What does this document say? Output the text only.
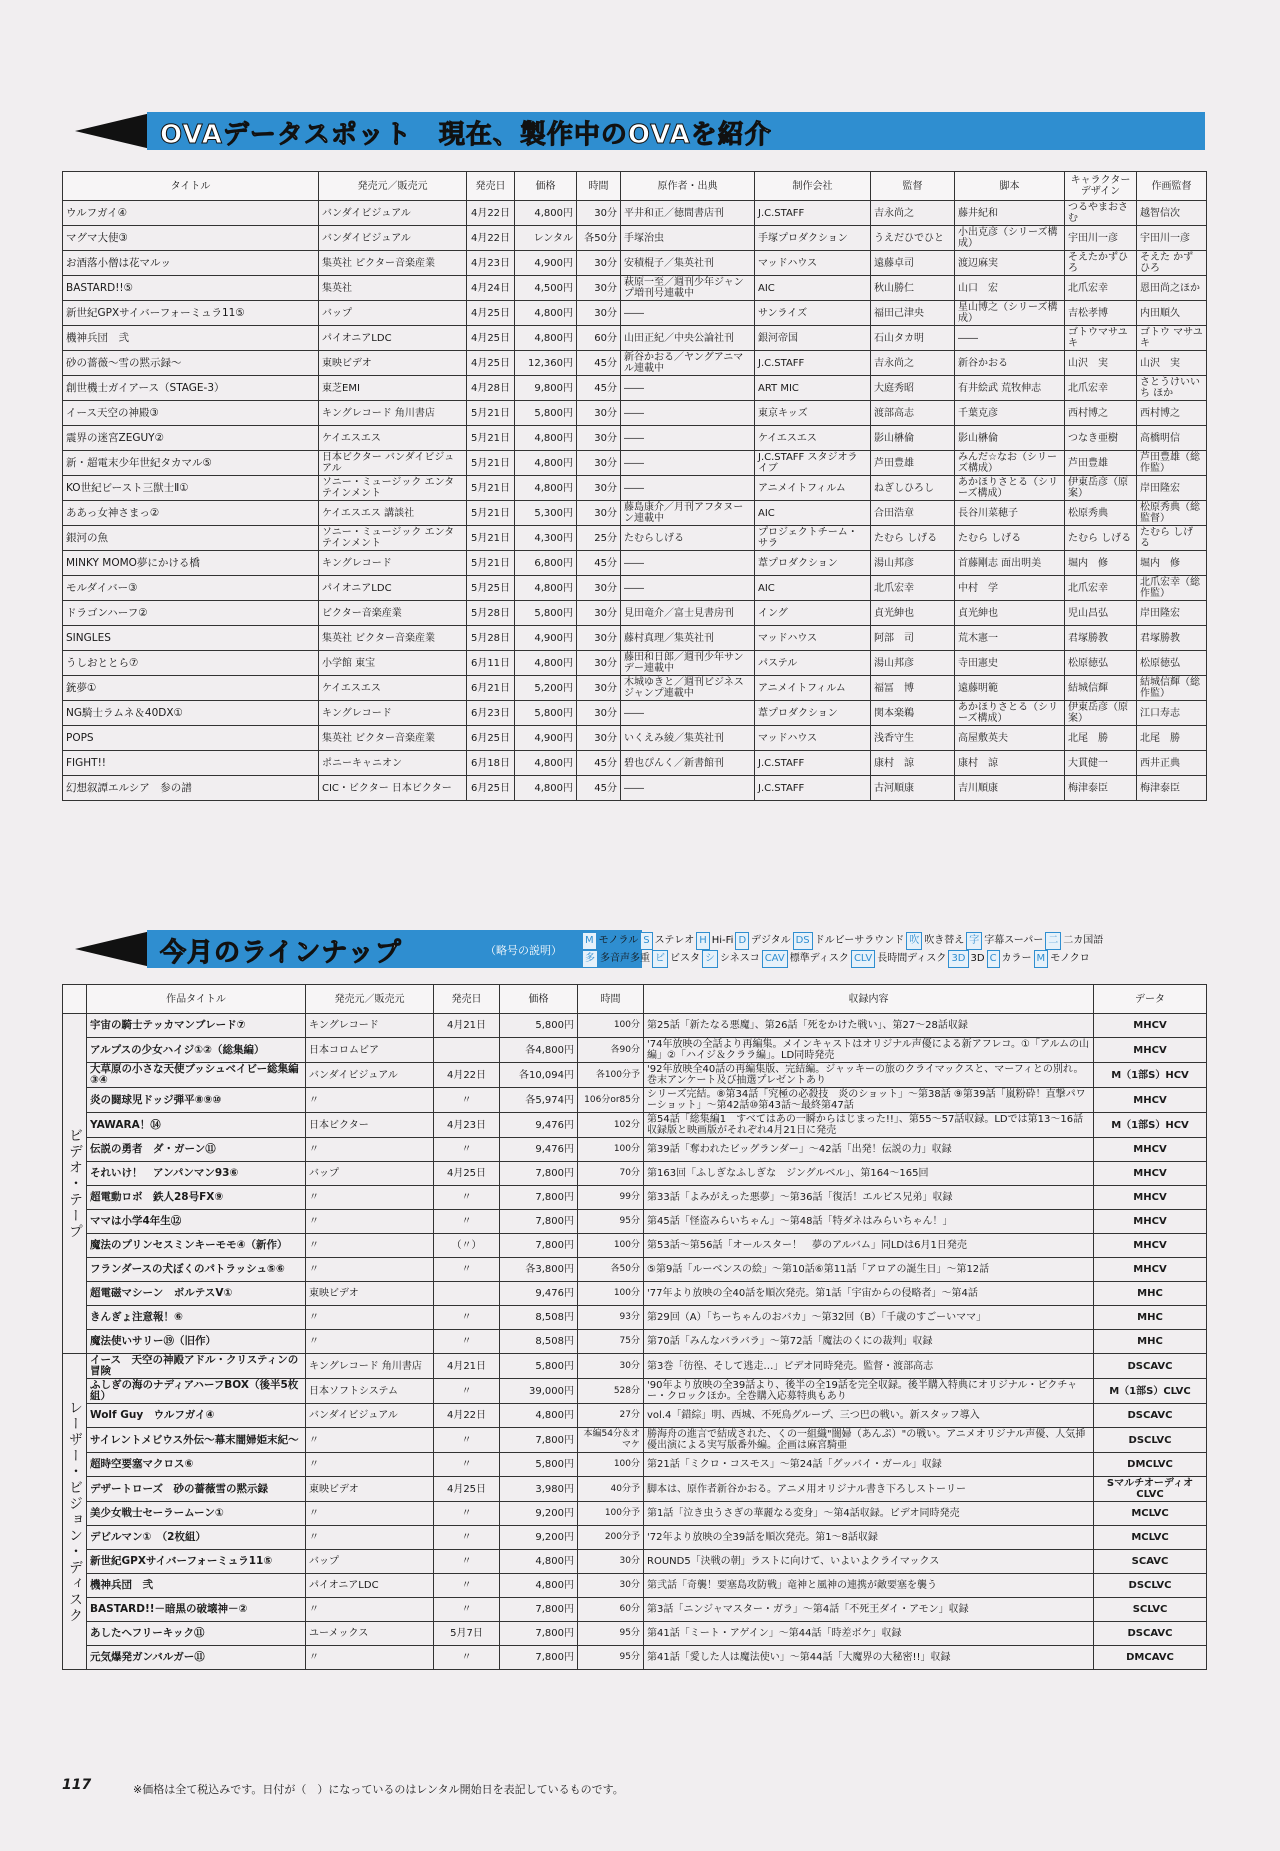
OVAデータスポット　現在、製作中のOVAを紹介
タイトル	発売元／販売元	発売日	価格	時間	原作者・出典	制作会社	監督	脚本	キャラクターデザイン	作画監督
ウルフガイ④	バンダイビジュアル	4月22日	4,800円	30分	平井和正／徳間書店刊	J.C.STAFF	吉永尚之	藤井紀和	つるやまおさむ	越智信次
マグマ大使③	バンダイビジュアル	4月22日	レンタル	各50分	手塚治虫	手塚プロダクション	うえだひでひと	小出克彦（シリーズ構成）	宇田川一彦	宇田川一彦
お酒落小僧は花マルッ	集英社 ピクター音楽産業	4月23日	4,900円	30分	安積棍子／集英社刊	マッドハウス	遠藤卓司	渡辺麻実	そえたかずひろ	そえた かずひろ
BASTARD!!⑤	集英社	4月24日	4,500円	30分	萩原一至／週刊少年ジャンプ増刊号連載中	AIC	秋山勝仁	山口　宏	北爪宏幸	恩田尚之ほか
新世紀GPXサイバーフォーミュラ11⑤	バップ	4月25日	4,800円	30分	――	サンライズ	福田己津央	星山博之（シリーズ構成）	吉松孝博	内田順久
機神兵団　弐	パイオニアLDC	4月25日	4,800円	60分	山田正紀／中央公論社刊	銀河帝国	石山タカ明	――	ゴトウマサユキ	ゴトウ マサユキ
砂の薔薇～雪の黙示録～	東映ビデオ	4月25日	12,360円	45分	新谷かおる／ヤングアニマル連載中	J.C.STAFF	吉永尚之	新谷かおる	山沢　実	山沢　実
創世機士ガイアース（STAGE-3）	東芝EMI	4月28日	9,800円	45分	――	ART MIC	大庭秀昭	有井絵武 荒牧伸志	北爪宏幸	さとうけいいち ほか
イース天空の神殿③	キングレコード 角川書店	5月21日	5,800円	30分	――	東京キッズ	渡部高志	千葉克彦	西村博之	西村博之
震界の迷宮ZEGUY②	ケイエスエス	5月21日	4,800円	30分	――	ケイエスエス	影山楙倫	影山楙倫	つなき亜樹	高橋明信
新・超電末少年世紀タカマル⑤	日本ビクター バンダイビジュアル	5月21日	4,800円	30分	――	J.C.STAFF スタジオライブ	芦田豊雄	みんだ☆なお（シリーズ構成）	芦田豊雄	芦田豊雄（総作監）
KO世紀ビースト三獣士Ⅱ①	ソニー・ミュージック エンタテインメント	5月21日	4,800円	30分	――	アニメイトフィルム	ねぎしひろし	あかほりさとる（シリーズ構成）	伊東岳彦（原案）	岸田隆宏
ああっ女神さまっ②	ケイエスエス 講談社	5月21日	5,300円	30分	藤島康介／月刊アフタヌーン連載中	AIC	合田浩章	長谷川菜穂子	松原秀典	松原秀典（総監督）
銀河の魚	ソニー・ミュージック エンタテインメント	5月21日	4,300円	25分	たむらしげる	プロジェクトチーム・サラ	たむら しげる	たむら しげる	たむら しげる	たむら しげる
MINKY MOMO夢にかける橋	キングレコード	5月21日	6,800円	45分	――	葦プロダクション	湯山邦彦	首藤剛志 面出明美	堀内　修	堀内　修
モルダイバー③	パイオニアLDC	5月25日	4,800円	30分	――	AIC	北爪宏幸	中村　学	北爪宏幸	北爪宏幸（総作監）
ドラゴンハーフ②	ビクター音楽産業	5月28日	5,800円	30分	見田竜介／富士見書房刊	イング	貞光紳也	貞光紳也	児山昌弘	岸田隆宏
SINGLES	集英社 ビクター音楽産業	5月28日	4,900円	30分	藤村真理／集英社刊	マッドハウス	阿部　司	荒木憲一	君塚勝教	君塚勝教
うしおととら⑦	小学館 東宝	6月11日	4,800円	30分	藤田和日郎／週刊少年サンデー連載中	パステル	湯山邦彦	寺田憲史	松原徳弘	松原徳弘
銃夢①	ケイエスエス	6月21日	5,200円	30分	木城ゆきと／週刊ビジネスジャンプ連載中	アニメイトフィルム	福冨　博	遠藤明範	結城信輝	結城信輝（総作監）
NG騎士ラムネ＆40DX①	キングレコード	6月23日	5,800円	30分	――	葦プロダクション	関本楽鵜	あかほりさとる（シリーズ構成）	伊東岳彦（原案）	江口寿志
POPS	集英社 ビクター音楽産業	6月25日	4,900円	30分	いくえみ綾／集英社刊	マッドハウス	浅香守生	高屋敷英夫	北尾　勝	北尾　勝
FIGHT!!	ポニーキャニオン	6月18日	4,800円	45分	碧也ぴんく／新書館刊	J.C.STAFF	康村　諒	康村　諒	大貫健一	西井正典
幻想叙譚エルシア　参の譜	CIC・ビクター 日本ビクター	6月25日	4,800円	45分	――	J.C.STAFF	古河順康	吉川順康	梅津泰臣	梅津泰臣
今月のラインナップ	（略号の説明）
M モノラル S ステレオ H Hi-Fi D デジタル DS ドルビーサラウンド 吹 吹き替え 字 字幕スーパー 二 二カ国語
多 多音声多重 ビ ビスタ シ シネスコ CAV 標準ディスク CLV 長時間ディスク 3D 3D C カラー M モノクロ
	作品タイトル	発売元／販売元	発売日	価格	時間	収録内容	データ
ビデオ・テープ	宇宙の騎士テッカマンブレード⑦	キングレコード	4月21日	5,800円	100分	第25話「新たなる悪魔」、第26話「死をかけた戦い」、第27～28話収録	MHCV
	アルプスの少女ハイジ①②（総集編）	日本コロムビア		各4,800円	各90分	'74年放映の全話より再編集。メインキャストはオリジナル声優による新アフレコ。①「アルムの山編」②「ハイジ＆クララ編」。LD同時発売	MHCV
	大草原の小さな天使ブッシュベイビー総集編③④	バンダイビジュアル	4月22日	各10,094円	各100分予	'92年放映全40話の再編集版、完結編。ジャッキーの旅のクライマックスと、マーフィとの別れ。巻末アンケート及び抽選プレゼントあり	M（1部S）HCV
	炎の闘球児ドッジ弾平⑧⑨⑩	〃	〃	各5,974円	106分or85分	シリーズ完結。⑧第34話「究極の必殺技　炎のショット」～第38話 ⑨第39話「嵐粉砕！直撃パワーショット」～第42話⑩第43話～最終第47話	MHCV
	YAWARA！⑭	日本ビクター	4月23日	9,476円	102分	第54話「総集編1　すべてはあの一瞬からはじまった!!」、第55～57話収録。LDでは第13～16話収録版と映画版がそれぞれ4月21日に発売	M（1部S）HCV
	伝説の勇者　ダ・ガーン⑪	〃	〃	9,476円	100分	第39話「奪われたビッグランダー」～42話「出発！伝説の力」収録	MHCV
	それいけ！　アンパンマン93⑥	バップ	4月25日	7,800円	70分	第163回「ふしぎなふしぎな　ジングルベル」、第164～165回	MHCV
	超電動ロボ　鉄人28号FX⑨	〃	〃	7,800円	99分	第33話「よみがえった悪夢」～第36話「復活！エルピス兄弟」収録	MHCV
	ママは小学4年生⑫	〃	〃	7,800円	95分	第45話「怪盗みらいちゃん」～第48話「特ダネはみらいちゃん！」	MHCV
	魔法のプリンセスミンキーモモ④（新作）	〃	（〃）	7,800円	100分	第53話～第56話「オールスター！　夢のアルバム」同LDは6月1日発売	MHCV
	フランダースの犬ぼくのパトラッシュ⑤⑥	〃	〃	各3,800円	各50分	⑤第9話「ルーベンスの絵」～第10話⑥第11話「アロアの誕生日」～第12話	MHCV
	超電磁マシーン　ボルテスV①	東映ビデオ		9,476円	100分	'77年より放映の全40話を順次発売。第1話「宇宙からの侵略者」～第4話	MHC
	きんぎょ注意報！⑥	〃	〃	8,508円	93分	第29回（A）「ちーちゃんのおバカ」～第32回（B）「千歳のすごーいママ」	MHC
	魔法使いサリー⑲（旧作）	〃	〃	8,508円	75分	第70話「みんなバラバラ」～第72話「魔法のくにの裁判」収録	MHC
レーザー・ビジョン・ディスク	イース　天空の神殿アドル・クリスティンの冒険	キングレコード 角川書店	4月21日	5,800円	30分	第3巻「彷徨、そして逃走…」ビデオ同時発売。監督・渡部高志	DSCAVC
	ふしぎの海のナディアハーフBOX（後半5枚組）	日本ソフトシステム	〃	39,000円	528分	'90年より放映の全39話より、後半の全19話を完全収録。後半購入特典にオリジナル・ピクチャー・クロックほか。全巻購入応募特典もあり	M（1部S）CLVC
	Wolf Guy　ウルフガイ④	バンダイビジュアル	4月22日	4,800円	27分	vol.4「錯綜」明、西城、不死鳥グループ、三つ巴の戦い。新スタッフ導入	DSCAVC
	サイレントメビウス外伝～幕末闇婦姫末紀～	〃	〃	7,800円	本編54分＆オマケ	勝海舟の進言で結成された、くの一組織"闇婦（あんぷ）"の戦い。アニメオリジナル声優、人気挿優出演による実写版番外編。企画は麻宮騎亜	DSCLVC
	超時空要塞マクロス⑥	〃	〃	5,800円	100分	第21話「ミクロ・コスモス」～第24話「グッバイ・ガール」収録	DMCLVC
	デザートローズ　砂の薔薇雪の黙示録	東映ビデオ	4月25日	3,980円	40分予	脚本は、原作者新谷かおる。アニメ用オリジナル書き下ろしストーリー	Sマルチオーディオ CLVC
	美少女戦士セーラームーン①	〃	〃	9,200円	100分予	第1話「泣き虫うさぎの華麗なる変身」～第4話収録。ビデオ同時発売	MCLVC
	デビルマン①　（2枚組）	〃	〃	9,200円	200分予	'72年より放映の全39話を順次発売。第1～8話収録	MCLVC
	新世紀GPXサイバーフォーミュラ11⑤	バップ	〃	4,800円	30分	ROUND5「決戦の朝」ラストに向けて、いよいよクライマックス	SCAVC
	機神兵団　弐	パイオニアLDC	〃	4,800円	30分	第弐話「奇襲！要塞島攻防戦」竜神と風神の連携が敵要塞を襲う	DSCLVC
	BASTARD!!－暗黒の破壊神－②	〃	〃	7,800円	60分	第3話「ニンジャマスター・ガラ」～第4話「不死王ダイ・アモン」収録	SCLVC
	あしたへフリーキック⑪	ユーメックス	5月7日	7,800円	95分	第41話「ミート・アゲイン」～第44話「時差ボケ」収録	DSCAVC
	元気爆発ガンバルガー⑪	〃	〃	7,800円	95分	第41話「愛した人は魔法使い」～第44話「大魔界の大秘密!!」収録	DMCAVC
117	※価格は全て税込みです。日付が（　）になっているのはレンタル開始日を表記しているものです。
